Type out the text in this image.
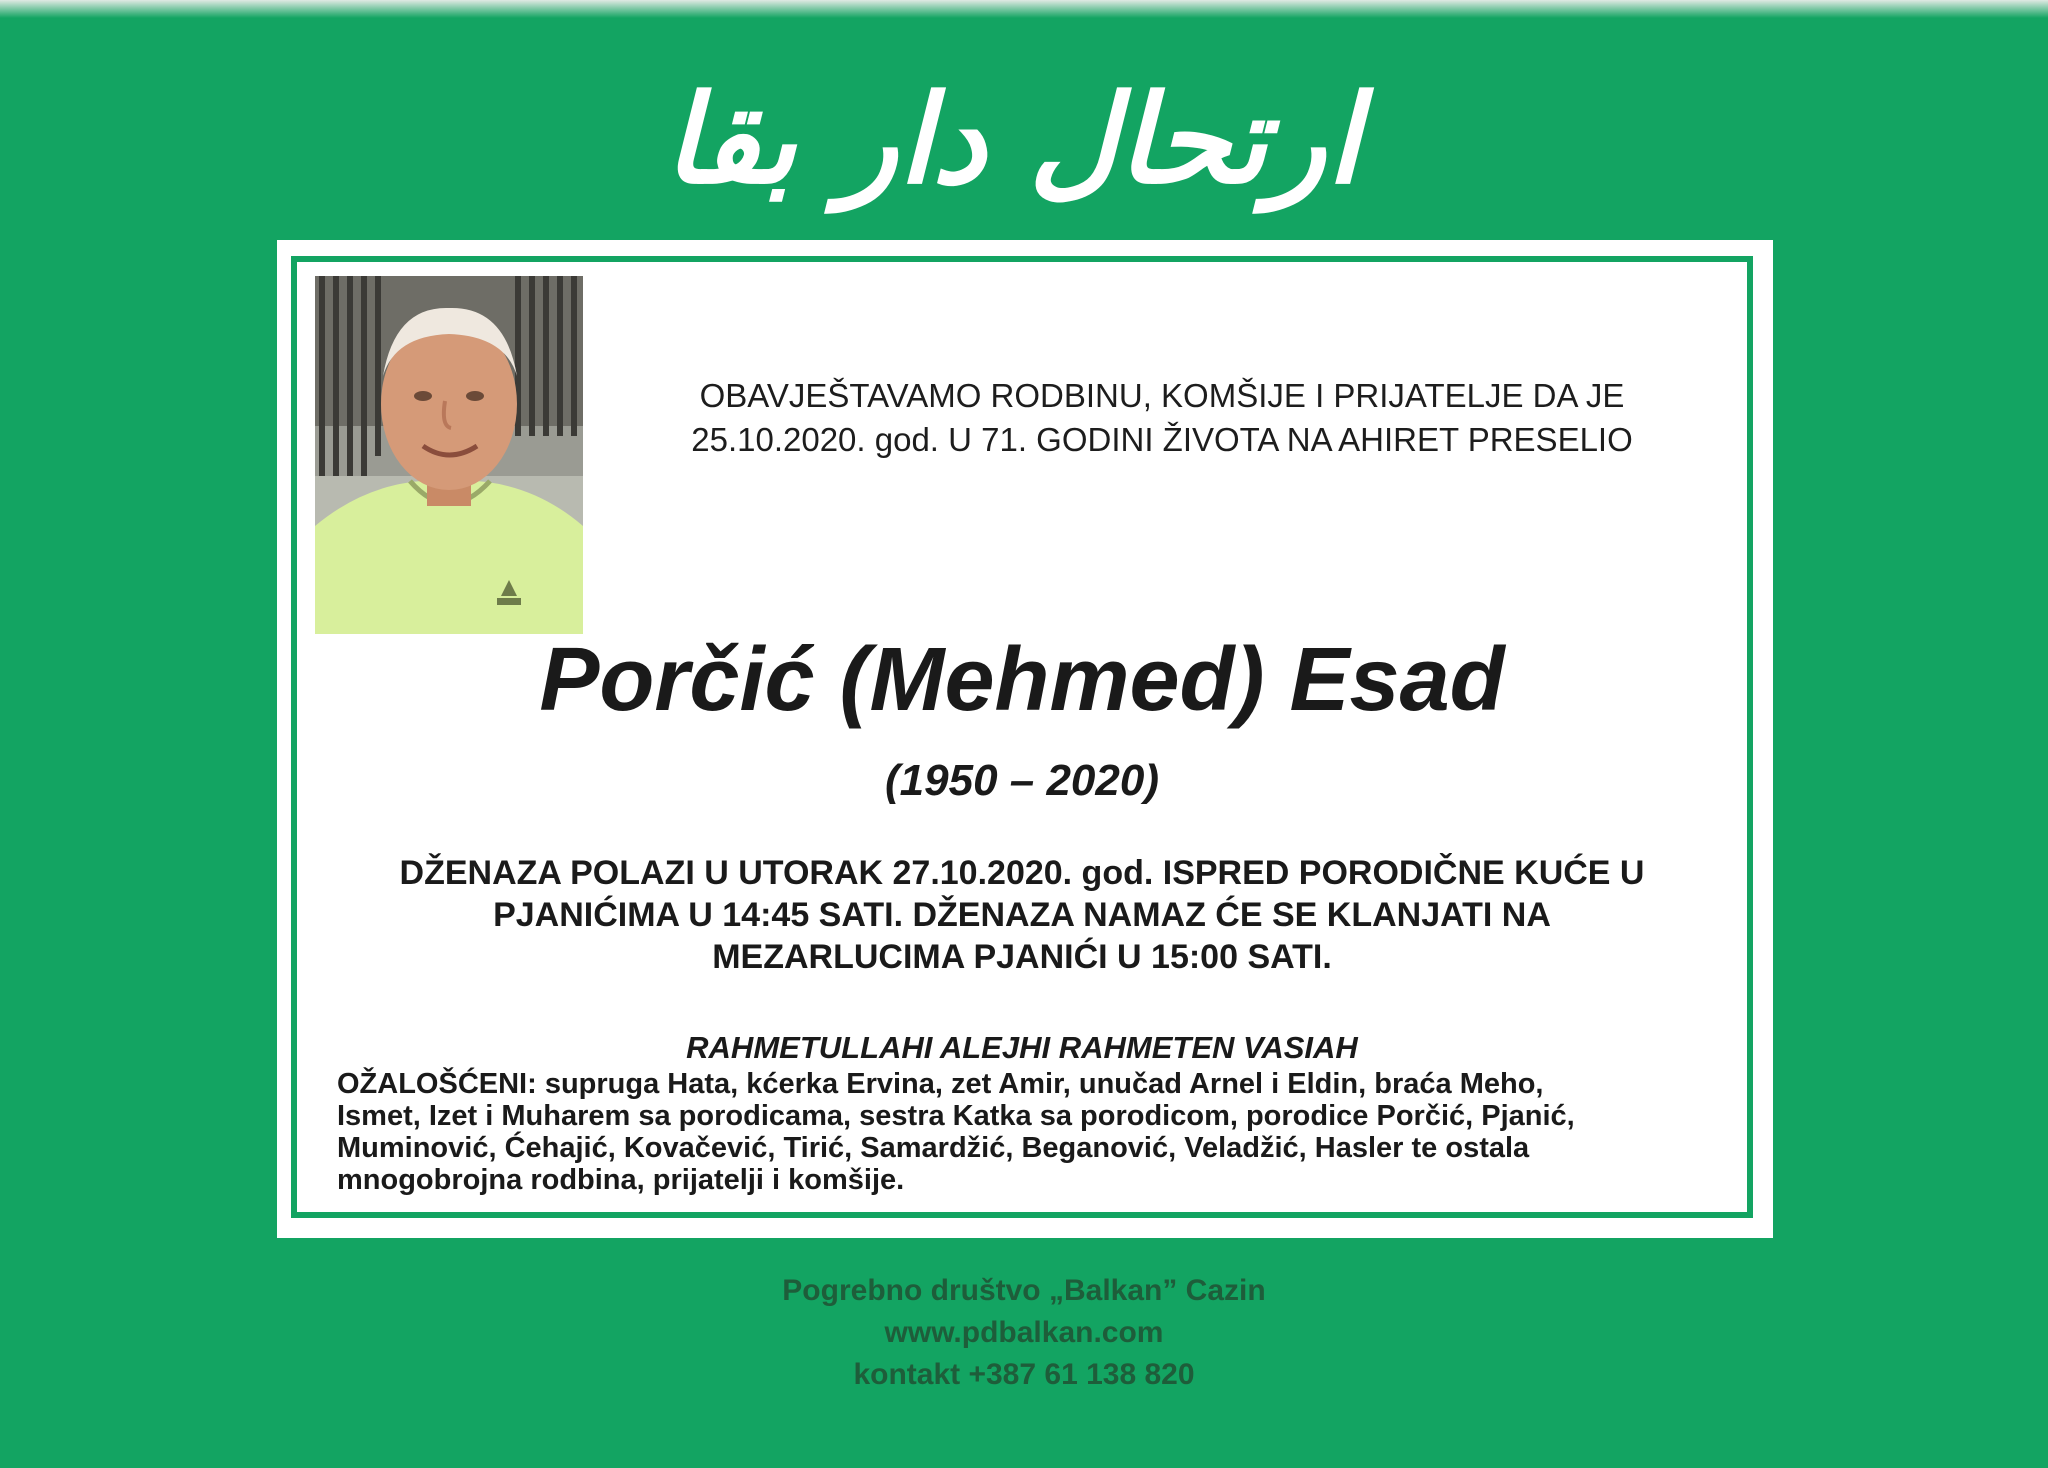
ارتحال دار بقا
OBAVJEŠTAVAMO RODBINU, KOMŠIJE I PRIJATELJE DA JE
25.10.2020. god. U 71. GODINI ŽIVOTA NA AHIRET PRESELIO
Porčić (Mehmed) Esad
(1950 – 2020)
DŽENAZA POLAZI U UTORAK 27.10.2020. god. ISPRED PORODIČNE KUĆE U
PJANIĆIMA U 14:45 SATI. DŽENAZA NAMAZ ĆE SE KLANJATI NA
MEZARLUCIMA PJANIĆI U 15:00 SATI.
RAHMETULLAHI ALEJHI RAHMETEN VASIAH
OŽALOŠĆENI: supruga Hata, kćerka Ervina, zet Amir, unučad Arnel i Eldin, braća Meho,
Ismet, Izet i Muharem sa porodicama, sestra Katka sa porodicom, porodice Porčić, Pjanić,
Muminović, Ćehajić, Kovačević, Tirić, Samardžić, Beganović, Veladžić, Hasler te ostala
mnogobrojna rodbina, prijatelji i komšije.
Pogrebno društvo „Balkan” Cazin
www.pdbalkan.com
kontakt +387 61 138 820
